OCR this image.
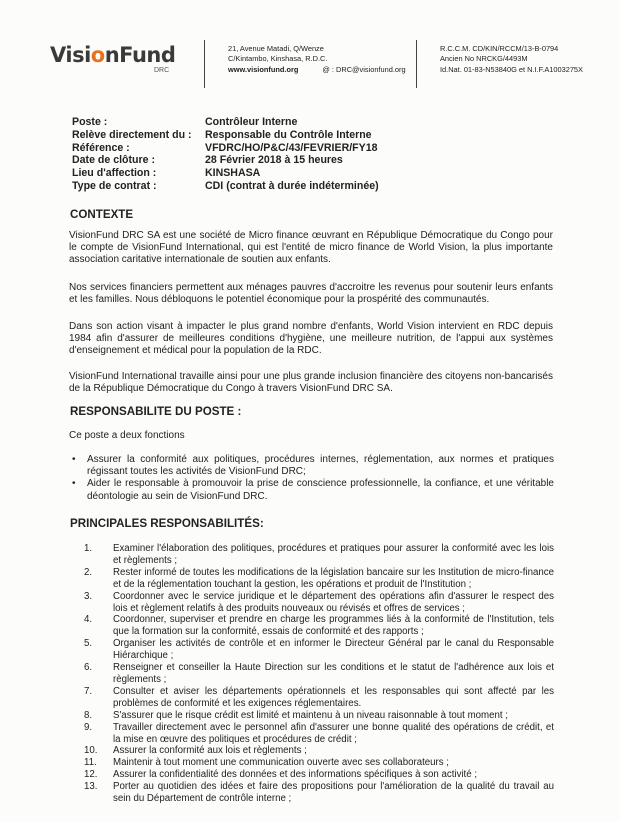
VisionFund
DRC
21, Avenue Matadi, Q/Wenze
C/Kintambo, Kinshasa, R.D.C.
www.visionfund.org	@ : DRC@visionfund.org
R.C.C.M. CD/KIN/RCCM/13-B-0794
Ancien No NRCKG/4493M
Id.Nat. 01-83-N53840G et N.I.F.A1003275X
Poste :	Contrôleur Interne
Relève directement du :	Responsable du Contrôle Interne
Référence :	VFDRC/HO/P&C/43/FEVRIER/FY18
Date de clôture :	28 Février 2018 à 15 heures
Lieu d'affection :	KINSHASA
Type de contrat :	CDI (contrat à durée indéterminée)
CONTEXTE
VisionFund DRC SA est une société de Micro finance œuvrant en République Démocratique du Congo pour le compte de VisionFund International, qui est l'entité de micro finance de World Vision, la plus importante association caritative internationale de soutien aux enfants.
Nos services financiers permettent aux ménages pauvres d'accroitre les revenus pour soutenir leurs enfants et les familles. Nous débloquons le potentiel économique pour la prospérité des communautés.
Dans son action visant à impacter le plus grand nombre d'enfants, World Vision intervient en RDC depuis 1984 afin d'assurer de meilleures conditions d'hygiène, une meilleure nutrition, de l'appui aux systèmes d'enseignement et médical pour la population de la RDC.
VisionFund International travaille ainsi pour une plus grande inclusion financière des citoyens non-bancarisés de la République Démocratique du Congo à travers VisionFund DRC SA.
RESPONSABILITE DU POSTE :
Ce poste a deux fonctions
• Assurer la conformité aux politiques, procédures internes, réglementation, aux normes et pratiques régissant toutes les activités de VisionFund DRC;
• Aider le responsable à promouvoir la prise de conscience professionnelle, la confiance, et une véritable déontologie au sein de VisionFund DRC.
PRINCIPALES RESPONSABILITÉS:
1.	Examiner l'élaboration des politiques, procédures et pratiques pour assurer la conformité avec les lois et règlements ;
2.	Rester informé de toutes les modifications de la législation bancaire sur les Institution de micro-finance et de la réglementation touchant la gestion, les opérations et produit de l'Institution ;
3.	Coordonner avec le service juridique et le département des opérations afin d'assurer le respect des lois et règlement relatifs à des produits nouveaux ou révisés et offres de services ;
4.	Coordonner, superviser et prendre en charge les programmes liés à la conformité de l'Institution, tels que la formation sur la conformité, essais de conformité et des rapports ;
5.	Organiser les activités de contrôle et en informer le Directeur Général par le canal du Responsable Hiérarchique ;
6.	Renseigner et conseiller la Haute Direction sur les conditions et le statut de l'adhérence aux lois et règlements ;
7.	Consulter et aviser les départements opérationnels et les responsables qui sont affecté par les problèmes de conformité et les exigences réglementaires.
8.	S'assurer que le risque crédit est limité et maintenu à un niveau raisonnable à tout moment ;
9.	Travailler directement avec le personnel afin d'assurer une bonne qualité des opérations de crédit, et la mise en œuvre des politiques et procédures de crédit ;
10.	Assurer la conformité aux lois et règlements ;
11.	Maintenir à tout moment une communication ouverte avec ses collaborateurs ;
12.	Assurer la confidentialité des données et des informations spécifiques à son activité ;
13.	Porter au quotidien des idées et faire des propositions pour l'amélioration de la qualité du travail au sein du Département de contrôle interne ;
